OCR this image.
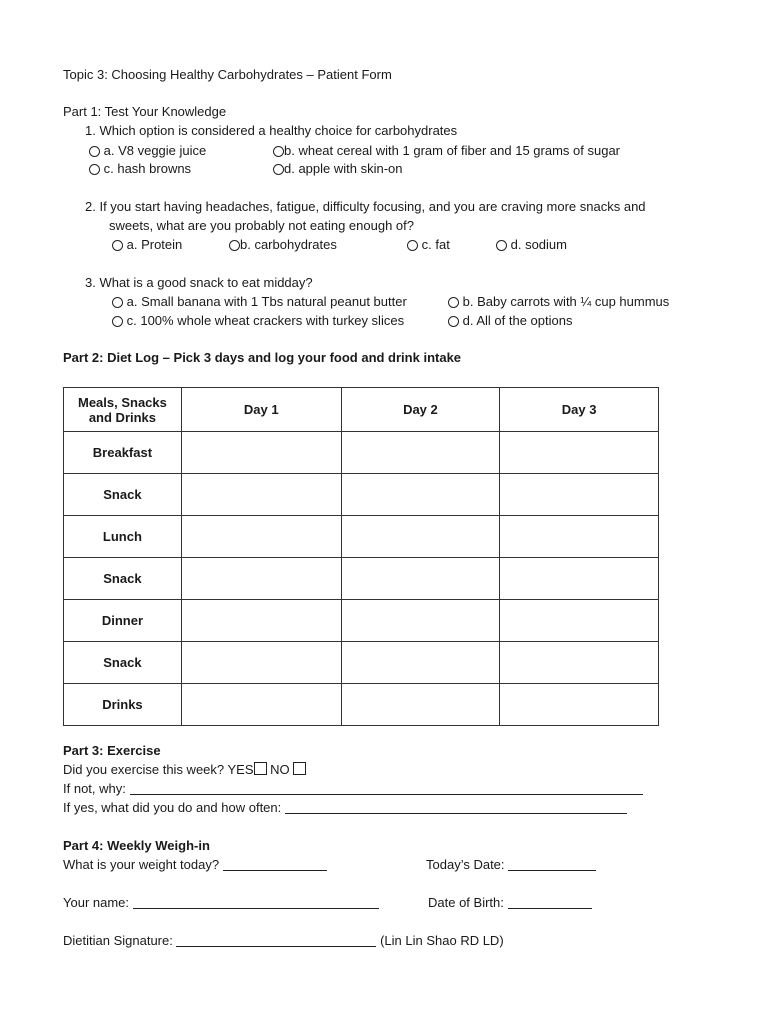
Topic 3: Choosing Healthy Carbohydrates – Patient Form
Part 1: Test Your Knowledge
1. Which option is considered a healthy choice for carbohydrates
a. V8 veggie juice	b. wheat cereal with 1 gram of fiber and 15 grams of sugar
c. hash browns	d. apple with skin-on
2. If you start having headaches, fatigue, difficulty focusing, and you are craving more snacks and
sweets, what are you probably not eating enough of?
a. Protein	b. carbohydrates	c. fat	d. sodium
3. What is a good snack to eat midday?
a. Small banana with 1 Tbs natural peanut butter	b. Baby carrots with ¼ cup hummus
c. 100% whole wheat crackers with turkey slices	d. All of the options
Part 2: Diet Log – Pick 3 days and log your food and drink intake
Meals, Snacks
and Drinks	Day 1	Day 2	Day 3
Breakfast			
Snack			
Lunch			
Snack			
Dinner			
Snack			
Drinks			
Part 3: Exercise
Did you exercise this week? YES NO
If not, why:
If yes, what did you do and how often:
Part 4: Weekly Weigh-in
What is your weight today?	Today’s Date:
Your name:	Date of Birth:
Dietitian Signature:	(Lin Lin Shao RD LD)
